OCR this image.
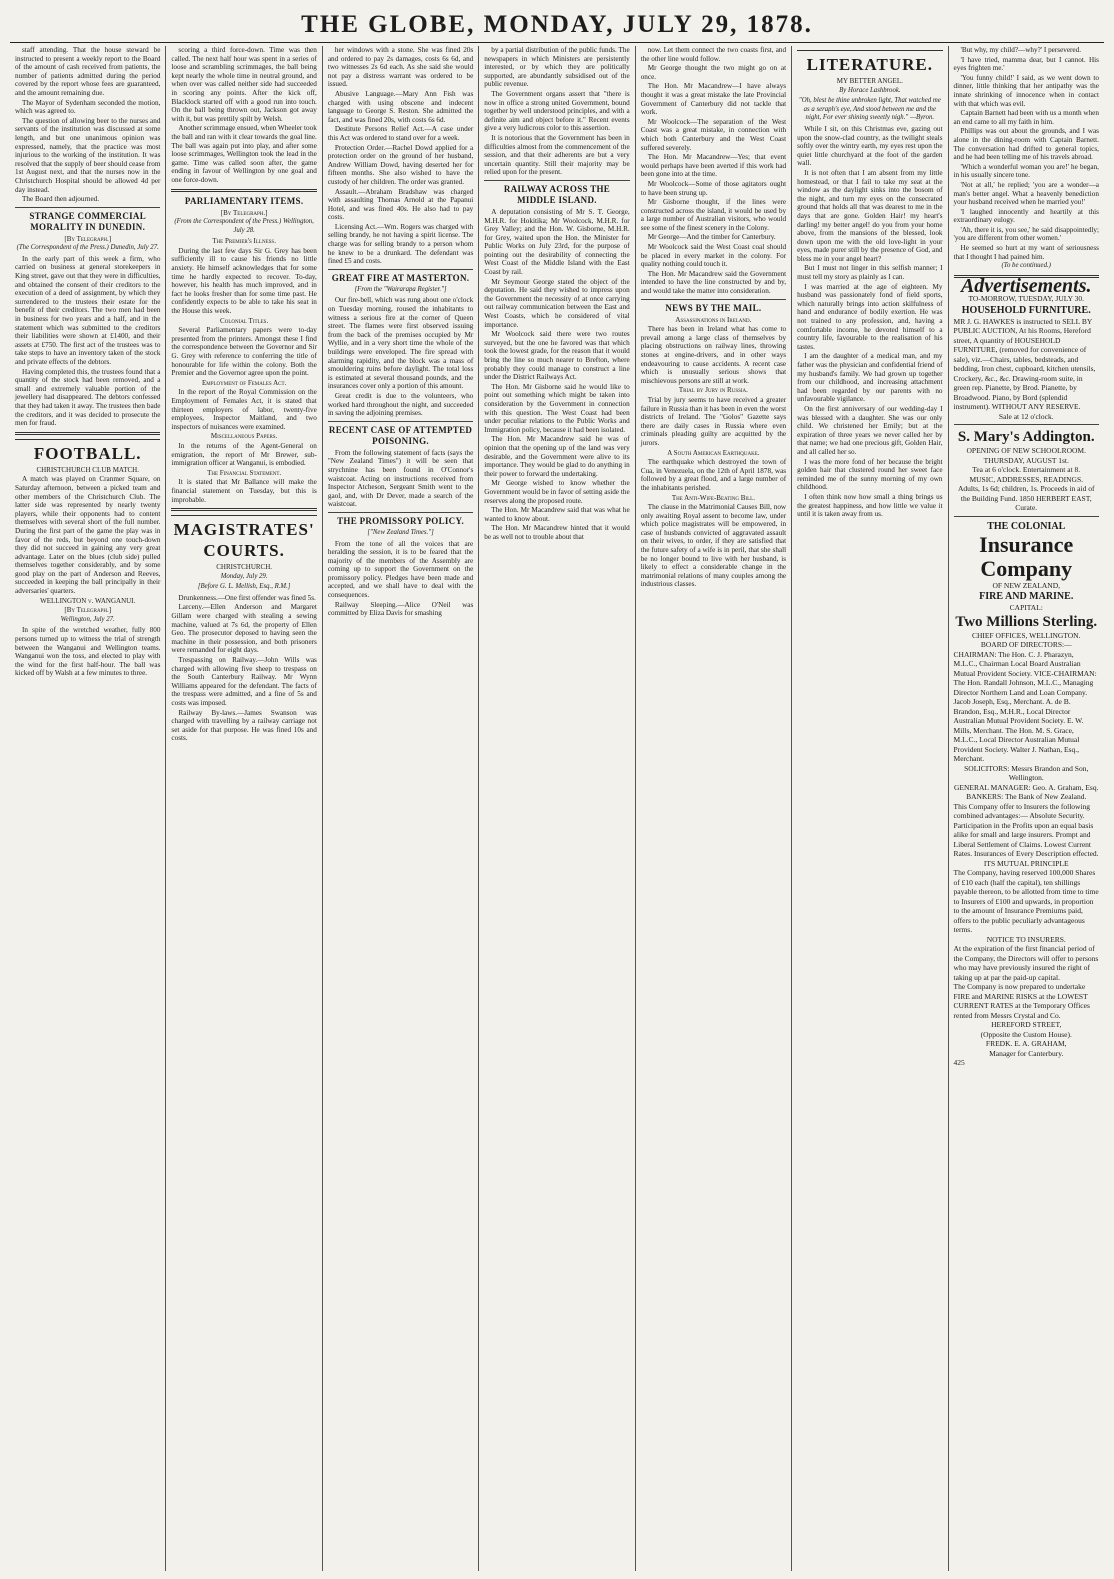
THE GLOBE, MONDAY, JULY 29, 1878.

staff attending. That the house steward be instructed to present a weekly report to the Board of the amount of cash received from patients, the number of patients admitted during the period covered by the report whose fees are guaranteed, and the amount remaining due.

The Mayor of Sydenham seconded the motion, which was agreed to.

The question of allowing beer to the nurses and servants of the institution was discussed at some length, and but one unanimous opinion was expressed, namely, that the practice was most injurious to the working of the institution. It was resolved that the supply of beer should cease from 1st August next, and that the nurses now in the Christchurch Hospital should be allowed 4d per day instead.

The Board then adjourned.

STRANGE COMMERCIAL MORALITY IN DUNEDIN.
[By Telegraph.]
(The Correspondent of the Press.) Dunedin, July 27.

In the early part of this week a firm, who carried on business at general storekeepers in King street, gave out that they were in difficulties, and obtained the consent of their creditors to the execution of a deed of assignment, by which they surrendered to the trustees their estate for the benefit of their creditors. The two men had been in business for two years and a half, and in the statement which was submitted to the creditors their liabilities were shown at £1400, and their assets at £750. The first act of the trustees was to take steps to have an inventory taken of the stock and private effects of the debtors.

Having completed this, the trustees found that a quantity of the stock had been removed, and a small and extremely valuable portion of the jewellery had disappeared. The debtors confessed that they had taken it away. The trustees then bade the creditors, and it was decided to prosecute the men for fraud.

FOOTBALL.
CHRISTCHURCH CLUB MATCH.

A match was played on Cranmer Square, on Saturday afternoon, between a picked team and other members of the Christchurch Club. The latter side was represented by nearly twenty players, while their opponents had to content themselves with several short of the full number. During the first part of the game the play was in favor of the reds, but beyond one touch-down they did not succeed in gaining any very great advantage. Later on the blues (club side) pulled themselves together considerably, and by some good play on the part of Anderson and Reeves, succeeded in keeping the ball principally in their adversaries' quarters.

WELLINGTON v. WANGANUI.
[By Telegraph.]
Wellington, July 27.

In spite of the wretched weather, fully 800 persons turned up to witness the trial of strength between the Wanganui and Wellington teams. Wanganui won the toss, and elected to play with the wind for the first half-hour. The ball was kicked off by Walsh at a few minutes to three.

scoring a third force-down. Time was then called. The next half hour was spent in a series of loose and scrambling scrimmages, the ball being kept nearly the whole time in neutral ground, and when over was called neither side had succeeded in scoring any points. After the kick off, Blacklock started off with a good run into touch. On the ball being thrown out, Jackson got away with it, but was prettily spilt by Welsh.

Another scrimmage ensued, when Wheeler took the ball and ran with it clear towards the goal line. The ball was again put into play, and after some loose scrimmages, Wellington took the lead in the game. Time was called soon after, the game ending in favour of Wellington by one goal and one force-down.

PARLIAMENTARY ITEMS.
[By Telegraph.]
(From the Correspondent of the Press.) Wellington, July 28.
The Premier's Illness.

During the last few days Sir G. Grey has been sufficiently ill to cause his friends no little anxiety. He himself acknowledges that for some time he hardly expected to recover. To-day, however, his health has much improved, and in fact he looks fresher than for some time past. He confidently expects to be able to take his seat in the House this week.

Colonial Titles.

Several Parliamentary papers were to-day presented from the printers. Amongst these I find the correspondence between the Governor and Sir G. Grey with reference to conferring the title of honourable for life within the colony. Both the Premier and the Governor agree upon the point.

Employment of Females Act.

In the report of the Royal Commission on the Employment of Females Act, it is stated that thirteen employers of labor, twenty-five employees, Inspector Maitland, and two inspectors of nuisances were examined.

Miscellaneous Papers.

In the returns of the Agent-General on emigration, the report of Mr Brewer, sub-immigration officer at Wanganui, is embodied.

The Financial Statement.

It is stated that Mr Ballance will make the financial statement on Tuesday, but this is improbable.

MAGISTRATES' COURTS.
CHRISTCHURCH.
Monday, July 29.
[Before G. L. Mellish, Esq., R.M.]

Drunkenness.—One first offender was fined 5s.

Larceny.—Ellen Anderson and Margaret Gillam were charged with stealing a sewing machine, valued at 7s 6d, the property of Ellen Geo. The prosecutor deposed to having seen the machine in their possession, and both prisoners were remanded for eight days.

Trespassing on Railway.—John Wills was charged with allowing five sheep to trespass on the South Canterbury Railway. Mr Wynn Williams appeared for the defendant. The facts of the trespass were admitted, and a fine of 5s and costs was imposed.

Railway By-laws.—James Swanson was charged with travelling by a railway carriage not set aside for that purpose. He was fined 10s and costs.

her windows with a stone. She was fined 20s and ordered to pay 2s damages, costs 6s 6d, and two witnesses 2s 6d each. As she said she would not pay a distress warrant was ordered to be issued.

Abusive Language.—Mary Ann Fish was charged with using obscene and indecent language to George S. Reston. She admitted the fact, and was fined 20s, with costs 6s 6d.

Destitute Persons Relief Act.—A case under this Act was ordered to stand over for a week.

Protection Order.—Rachel Dowd applied for a protection order on the ground of her husband, Andrew William Dowd, having deserted her for fifteen months. She also wished to have the custody of her children. The order was granted.

Assault.—Abraham Bradshaw was charged with assaulting Thomas Arnold at the Papanui Hotel, and was fined 40s. He also had to pay costs.

Licensing Act.—Wm. Rogers was charged with selling brandy, he not having a spirit license. The charge was for selling brandy to a person whom he knew to be a drunkard. The defendant was fined £5 and costs.

GREAT FIRE AT MASTERTON.
[From the "Wairarapa Register."]

Our fire-bell, which was rung about one o'clock on Tuesday morning, roused the inhabitants to witness a serious fire at the corner of Queen street. The flames were first observed issuing from the back of the premises occupied by Mr Wyllie, and in a very short time the whole of the buildings were enveloped. The fire spread with alarming rapidity, and the block was a mass of smouldering ruins before daylight. The total loss is estimated at several thousand pounds, and the insurances cover only a portion of this amount.

Great credit is due to the volunteers, who worked hard throughout the night, and succeeded in saving the adjoining premises.

RECENT CASE OF ATTEMPTED POISONING.

From the following statement of facts (says the "New Zealand Times") it will be seen that strychnine has been found in O'Connor's waistcoat. Acting on instructions received from Inspector Atcheson, Sergeant Smith went to the gaol, and, with Dr Dever, made a search of the waistcoat.

THE PROMISSORY POLICY.
["New Zealand Times."]

From the tone of all the voices that are heralding the session, it is to be feared that the majority of the members of the Assembly are coming up to support the Government on the promissory policy. Pledges have been made and accepted, and we shall have to deal with the consequences.

Railway Sleeping.—Alice O'Neil was committed by Eliza Davis for smashing

by a partial distribution of the public funds. The newspapers in which Ministers are persistently interested, or by which they are politically supported, are abundantly subsidised out of the public revenue.

The Government organs assert that "there is now in office a strong united Government, bound together by well understood principles, and with a definite aim and object before it." Recent events give a very ludicrous color to this assertion.

It is notorious that the Government has been in difficulties almost from the commencement of the session, and that their adherents are but a very uncertain quantity. Still their majority may be relied upon for the present.

RAILWAY ACROSS THE MIDDLE ISLAND.

A deputation consisting of Mr S. T. George, M.H.R. for Hokitika; Mr Woolcock, M.H.R. for Grey Valley; and the Hon. W. Gisborne, M.H.R. for Grey, waited upon the Hon. the Minister for Public Works on July 23rd, for the purpose of pointing out the desirability of connecting the West Coast of the Middle Island with the East Coast by rail.

Mr Seymour George stated the object of the deputation. He said they wished to impress upon the Government the necessity of at once carrying out railway communication between the East and West Coasts, which he considered of vital importance.

Mr Woolcock said there were two routes surveyed, but the one he favored was that which took the lowest grade, for the reason that it would bring the line so much nearer to Brefton, where probably they could manage to construct a line under the District Railways Act.

The Hon. Mr Gisborne said he would like to point out something which might be taken into consideration by the Government in connection with this question. The West Coast had been under peculiar relations to the Public Works and Immigration policy, because it had been isolated.

The Hon. Mr Macandrew said he was of opinion that the opening up of the land was very desirable, and the Government were alive to its importance. They would be glad to do anything in their power to forward the undertaking.

Mr George wished to know whether the Government would be in favor of setting aside the reserves along the proposed route.

The Hon. Mr Macandrew said that was what he wanted to know about.

The Hon. Mr Macandrew hinted that it would be as well not to trouble about that

now. Let them connect the two coasts first, and the other line would follow.

Mr George thought the two might go on at once.

The Hon. Mr Macandrew—I have always thought it was a great mistake the late Provincial Government of Canterbury did not tackle that work.

Mr Woolcock—The separation of the West Coast was a great mistake, in connection with which both Canterbury and the West Coast suffered severely.

The Hon. Mr Macandrew—Yes; that event would perhaps have been averted if this work had been gone into at the time.

Mr Woolcock—Some of those agitators ought to have been strung up.

Mr Gisborne thought, if the lines were constructed across the island, it would be used by a large number of Australian visitors, who would see some of the finest scenery in the Colony.

Mr George—And the timber for Canterbury.

Mr Woolcock said the West Coast coal should be placed in every market in the colony. For quality nothing could touch it.

The Hon. Mr Macandrew said the Government intended to have the line constructed by and by, and would take the matter into consideration.

NEWS BY THE MAIL.
Assassinations in Ireland.

There has been in Ireland what has come to prevail among a large class of themselves by placing obstructions on railway lines, throwing stones at engine-drivers, and in other ways endeavouring to cause accidents. A recent case which is unusually serious shows that mischievous persons are still at work.

Trial by Jury in Russia.

Trial by jury seems to have received a greater failure in Russia than it has been in even the worst districts of Ireland. The "Golos" Gazette says there are daily cases in Russia where even criminals pleading guilty are acquitted by the jurors.

A South American Earthquake.

The earthquake which destroyed the town of Cua, in Venezuela, on the 12th of April 1878, was followed by a great flood, and a large number of the inhabitants perished.

The Anti-Wife-Beating Bill.

The clause in the Matrimonial Causes Bill, now only awaiting Royal assent to become law, under which police magistrates will be empowered, in case of husbands convicted of aggravated assault on their wives, to order, if they are satisfied that the future safety of a wife is in peril, that she shall be no longer bound to live with her husband, is likely to effect a considerable change in the matrimonial relations of many couples among the industrious classes.

LITERATURE.
MY BETTER ANGEL.
By Horace Lashbrook.
"Oh, blest be thine unbroken light, That watched me as a seraph's eye, And stood between me and the night, For ever shining sweetly nigh." —Byron.

While I sit, on this Christmas eve, gazing out upon the snow-clad country, as the twilight steals softly over the wintry earth, my eyes rest upon the quiet little churchyard at the foot of the garden wall.

It is not often that I am absent from my little homestead, or that I fail to take my seat at the window as the daylight sinks into the bosom of the night, and turn my eyes on the consecrated ground that holds all that was dearest to me in the days that are gone. Golden Hair! my heart's darling! my better angel! do you from your home above, from the mansions of the blessed, look down upon me with the old love-light in your eyes, made purer still by the presence of God, and bless me in your angel heart?

But I must not linger in this selfish manner; I must tell my story as plainly as I can.

I was married at the age of eighteen. My husband was passionately fond of field sports, which naturally brings into action skilfulness of hand and endurance of bodily exertion. He was not trained to any profession, and, having a comfortable income, he devoted himself to a country life, favourable to the realisation of his tastes.

I am the daughter of a medical man, and my father was the physician and confidential friend of my husband's family. We had grown up together from our childhood, and increasing attachment had been regarded by our parents with no unfavourable vigilance.

On the first anniversary of our wedding-day I was blessed with a daughter. She was our only child. We christened her Emily; but at the expiration of three years we never called her by that name; we had one precious gift, Golden Hair, and all called her so.

I was the more fond of her because the bright golden hair that clustered round her sweet face reminded me of the sunny morning of my own childhood.

I often think now how small a thing brings us the greatest happiness, and how little we value it until it is taken away from us.

'But why, my child?—why?' I persevered.

'I have tried, mamma dear, but I cannot. His eyes frighten me.'

'You funny child!' I said, as we went down to dinner, little thinking that her antipathy was the innate shrinking of innocence when in contact with that which was evil.

Captain Barnett had been with us a month when an end came to all my faith in him.

Phillips was out about the grounds, and I was alone in the dining-room with Captain Barnett. The conversation had drifted to general topics, and he had been telling me of his travels abroad.

'Which a wonderful woman you are!' he began, in his usually sincere tone.

'Not at all,' he replied; 'you are a wonder—a man's better angel. What a heavenly benediction your husband received when he married you!'

'I laughed innocently and heartily at this extraordinary eulogy.

'Ah, there it is, you see,' he said disappointedly; 'you are different from other women.'

He seemed so hurt at my want of seriousness that I thought I had pained him.

(To be continued.)
Advertisements.
TO-MORROW, TUESDAY, JULY 30.
HOUSEHOLD FURNITURE.
MR J. G. HAWKES is instructed to SELL BY PUBLIC AUCTION, At his Rooms, Hereford street, A quantity of HOUSEHOLD FURNITURE, (removed for convenience of sale), viz.—Chairs, tables, bedsteads, and bedding, Iron chest, cupboard, kitchen utensils, Crockery, &c., &c. Drawing-room suite, in green rep. Pianette, by Brod. Pianette, by Broadwood. Piano, by Bord (splendid instrument). WITHOUT ANY RESERVE.
Sale at 12 o'clock.
S. Mary's Addington.
OPENING OF NEW SCHOOLROOM.
THURSDAY, AUGUST 1st.
Tea at 6 o'clock. Entertainment at 8.
MUSIC, ADDRESSES, READINGS.
Adults, 1s 6d; children, 1s. Proceeds in aid of the Building Fund. 1850 HERBERT EAST, Curate.
THE COLONIAL
Insurance Company
OF NEW ZEALAND,
FIRE AND MARINE.
CAPITAL:
Two Millions Sterling.
CHIEF OFFICES, WELLINGTON.
BOARD OF DIRECTORS:—
CHAIRMAN: The Hon. C. J. Pharazyn, M.L.C., Chairman Local Board Australian Mutual Provident Society. VICE-CHAIRMAN: The Hon. Randall Johnson, M.L.C., Managing Director Northern Land and Loan Company. Jacob Joseph, Esq., Merchant. A. de B. Brandon, Esq., M.H.R., Local Director Australian Mutual Provident Society. E. W. Mills, Merchant. The Hon. M. S. Grace, M.L.C., Local Director Australian Mutual Provident Society. Walter J. Nathan, Esq., Merchant.
SOLICITORS: Messrs Brandon and Son, Wellington.
GENERAL MANAGER: Geo. A. Graham, Esq.
BANKERS: The Bank of New Zealand.
This Company offer to Insurers the following combined advantages:— Absolute Security. Participation in the Profits upon an equal basis alike for small and large insurers. Prompt and Liberal Settlement of Claims. Lowest Current Rates. Insurances of Every Description effected.
ITS MUTUAL PRINCIPLE
The Company, having reserved 100,000 Shares of £10 each (half the capital), ten shillings payable thereon, to be allotted from time to time to Insurers of £100 and upwards, in proportion to the amount of Insurance Premiums paid, offers to the public peculiarly advantageous terms.
NOTICE TO INSURERS.
At the expiration of the first financial period of the Company, the Directors will offer to persons who may have previously insured the right of taking up at par the paid-up capital.
The Company is now prepared to undertake FIRE and MARINE RISKS at the LOWEST CURRENT RATES at the Temporary Offices rented from Messrs Crystal and Co.
HEREFORD STREET,
(Opposite the Custom House).
FREDK. E. A. GRAHAM,
Manager for Canterbury.
425
